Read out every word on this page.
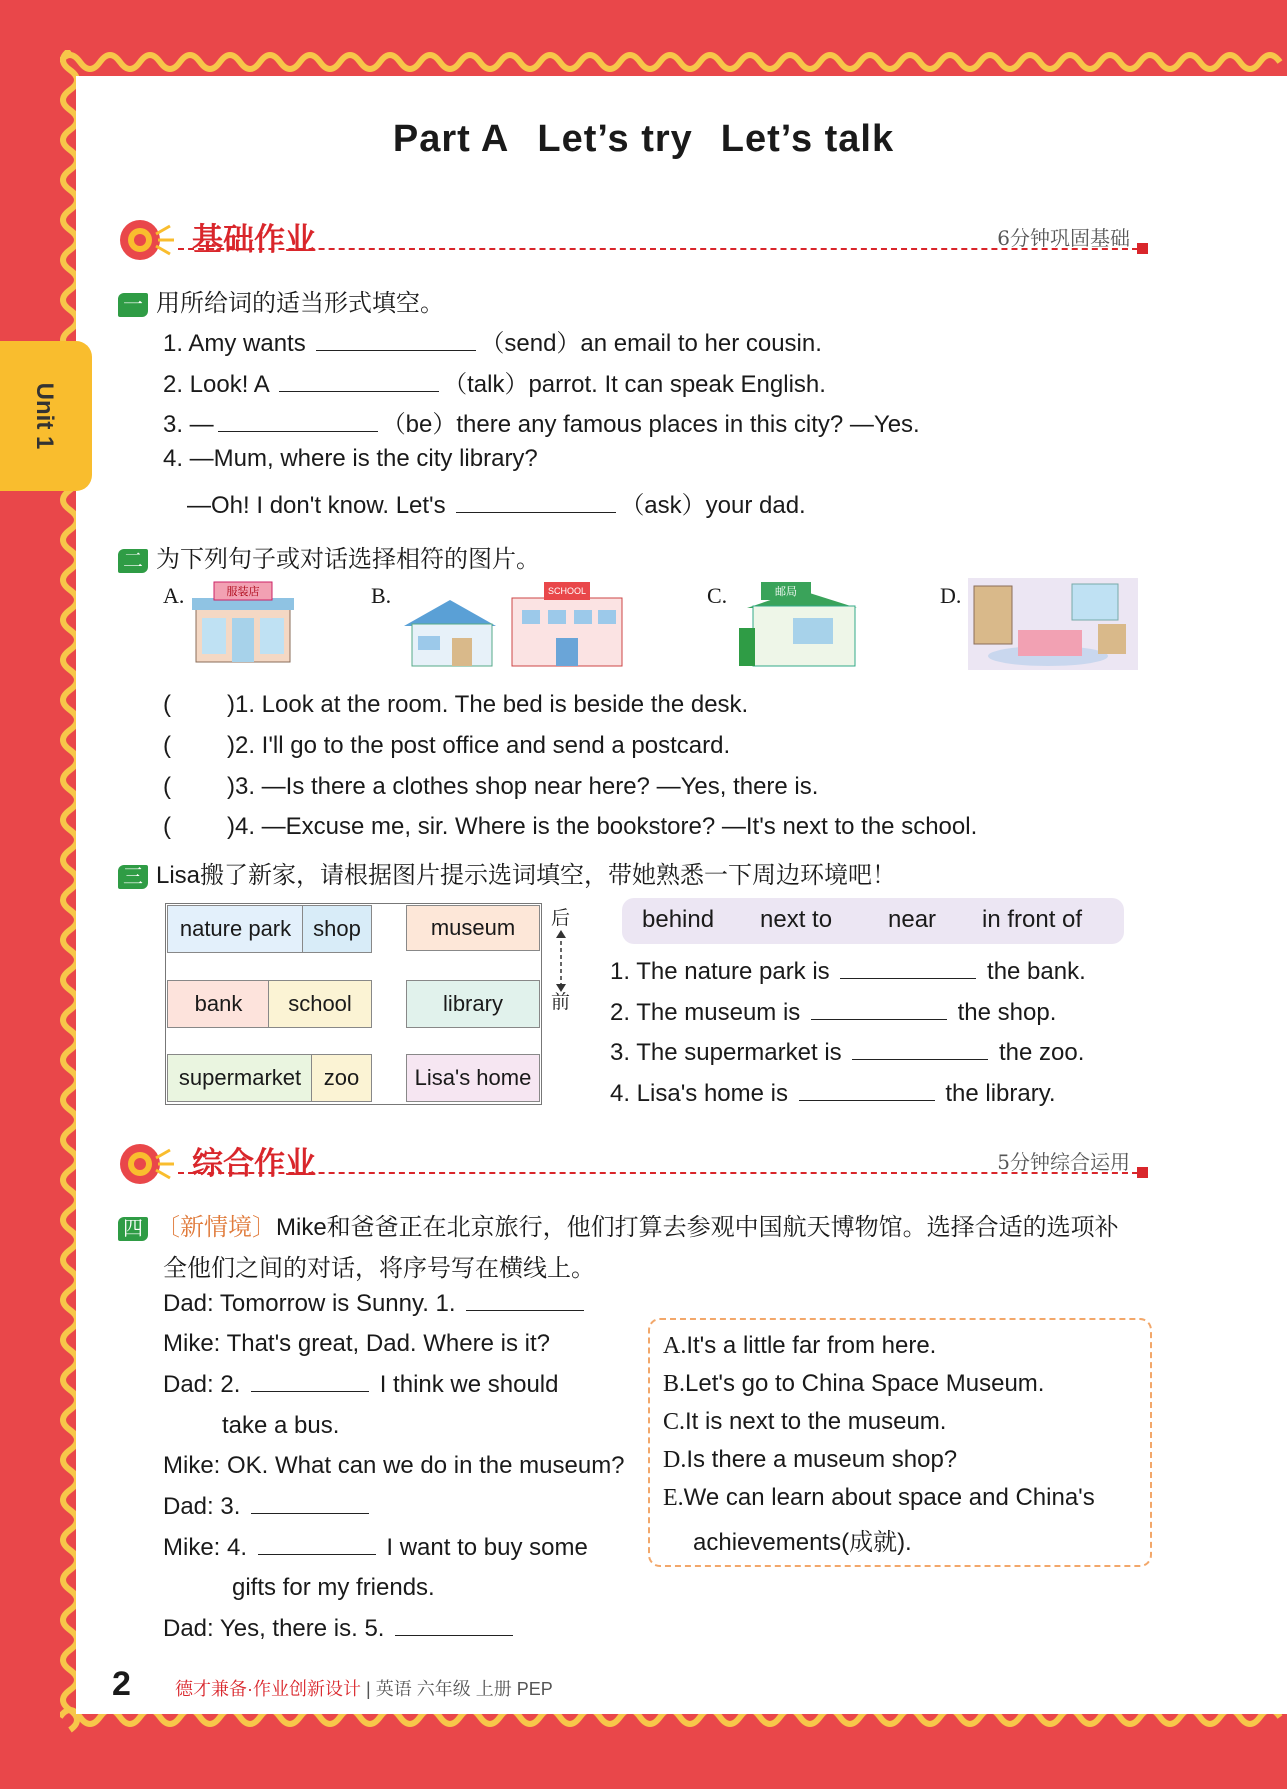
Unit 1
Part A Let’s try Let’s talk
基础作业	6分钟巩固基础
一 用所给词的适当形式填空。
1. Amy wants	（send）an email to her cousin.
2. Look! A	（talk）parrot. It can speak English.
3. —	（be）there any famous places in this city? —Yes.
4. —Mum, where is the city library?
—Oh! I don't know. Let's	（ask）your dad.
二 为下列句子或对话选择相符的图片。
A.	服装店	B.	SCHOOL	C.	邮局	D.
( )1. Look at the room. The bed is beside the desk.
( )2. I'll go to the post office and send a postcard.
( )3. —Is there a clothes shop near here? —Yes, there is.
( )4. —Excuse me, sir. Where is the bookstore? —It's next to the school.
三 Lisa搬了新家，请根据图片提示选词填空，带她熟悉一下周边环境吧！
nature park	shop	museum
bank	school	library
supermarket	zoo	Lisa's home
后
前
behind next to near in front of
1. The nature park is	the bank.
2. The museum is	the shop.
3. The supermarket is	the zoo.
4. Lisa's home is	the library.
综合作业	5分钟综合运用
四 〔新情境〕Mike和爸爸正在北京旅行，他们打算去参观中国航天博物馆。选择合适的选项补
全他们之间的对话，将序号写在横线上。
Dad: Tomorrow is Sunny. 1.
Mike: That's great, Dad. Where is it?
Dad: 2.	I think we should
take a bus.
Mike: OK. What can we do in the museum?
Dad: 3.
Mike: 4.	I want to buy some
gifts for my friends.
Dad: Yes, there is. 5.
A.It's a little far from here.
B.Let's go to China Space Museum.
C.It is next to the museum.
D.Is there a museum shop?
E.We can learn about space and China's
achievements(成就).
2 德才兼备·作业创新设计 | 英语 六年级 上册 PEP
